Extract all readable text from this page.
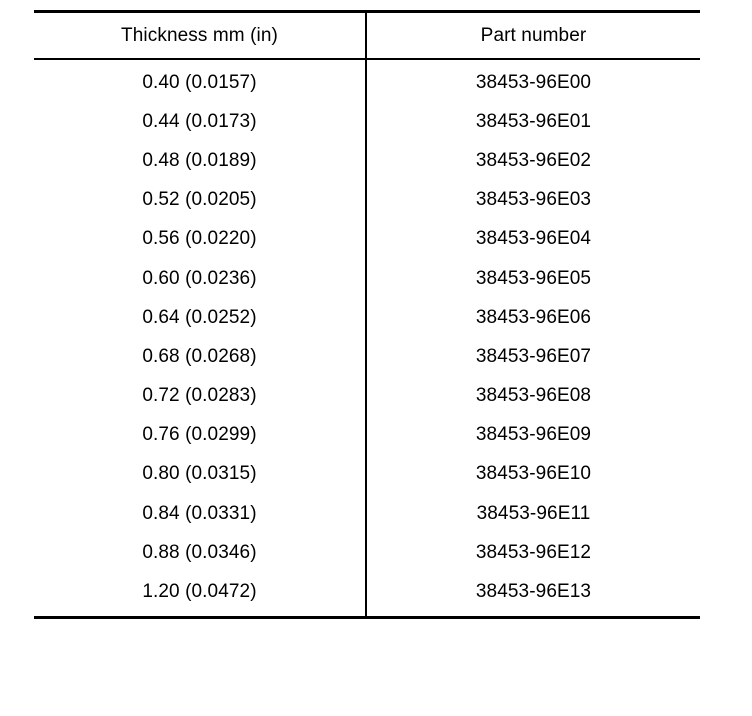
Thickness mm (in)	Part number
0.40 (0.0157)	38453-96E00
0.44 (0.0173)	38453-96E01
0.48 (0.0189)	38453-96E02
0.52 (0.0205)	38453-96E03
0.56 (0.0220)	38453-96E04
0.60 (0.0236)	38453-96E05
0.64 (0.0252)	38453-96E06
0.68 (0.0268)	38453-96E07
0.72 (0.0283)	38453-96E08
0.76 (0.0299)	38453-96E09
0.80 (0.0315)	38453-96E10
0.84 (0.0331)	38453-96E11
0.88 (0.0346)	38453-96E12
1.20 (0.0472)	38453-96E13
